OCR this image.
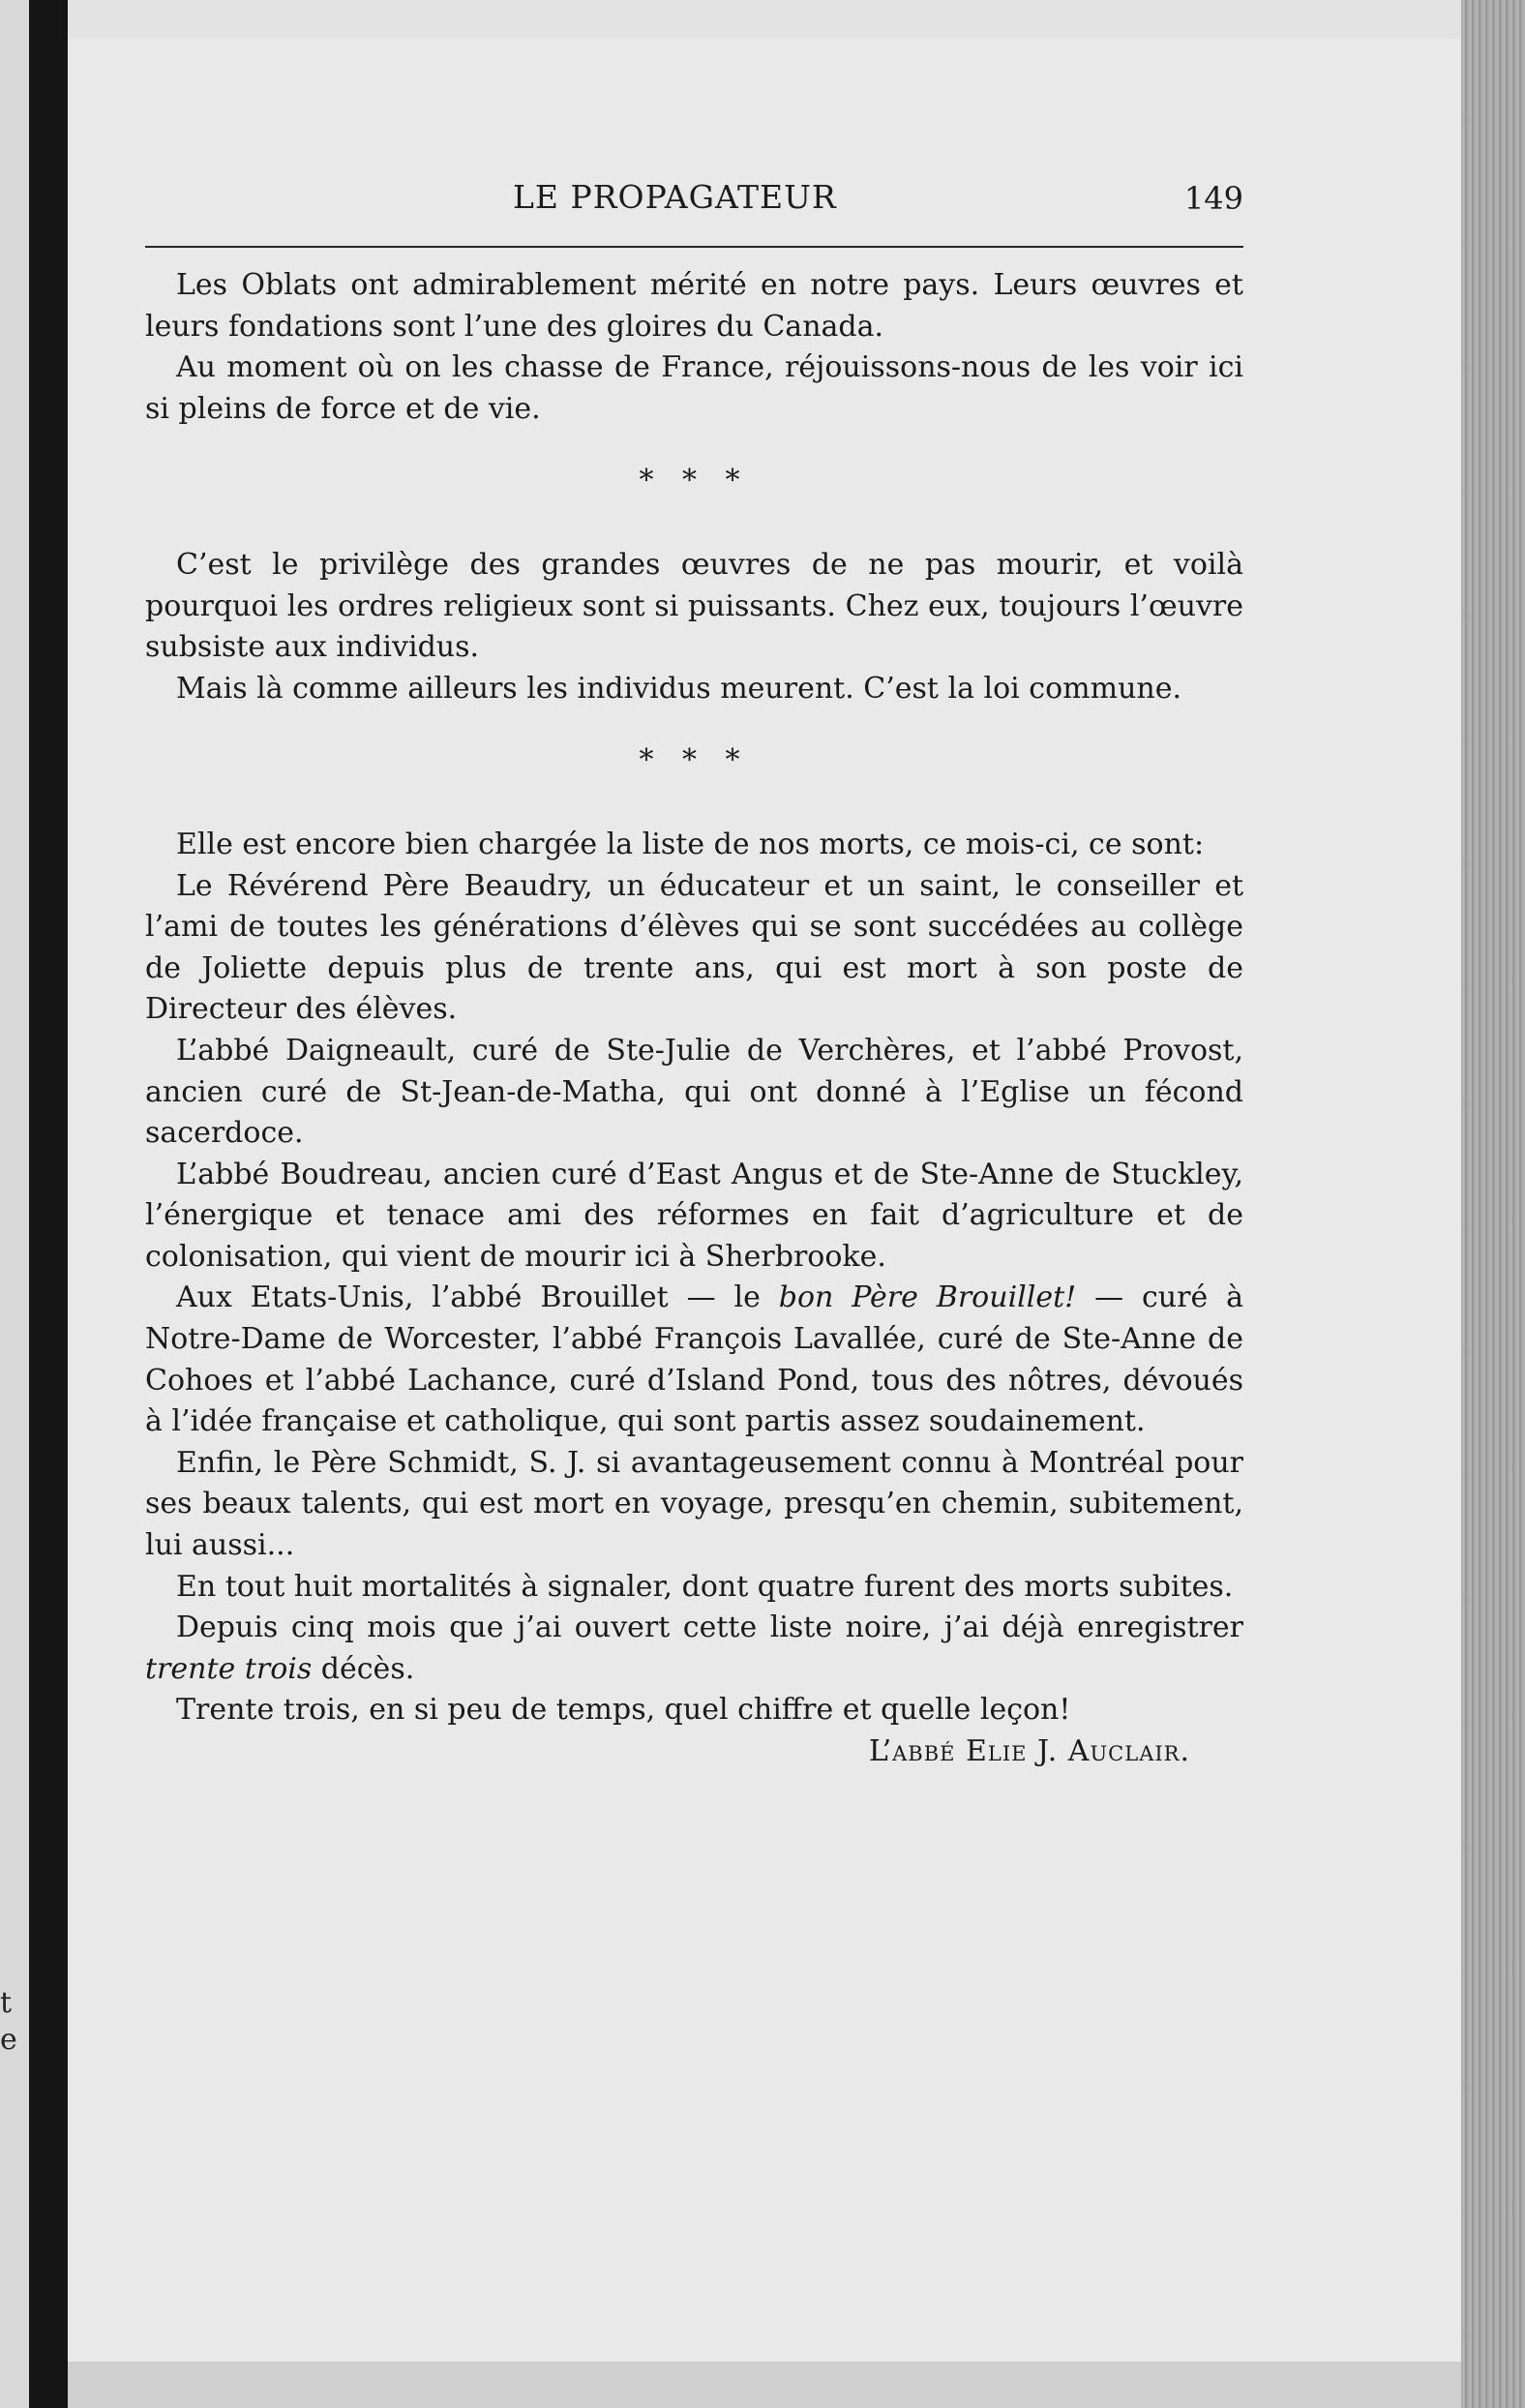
t
e
LE PROPAGATEUR	149

Les Oblats ont admirablement mérité en notre pays. Leurs œuvres et leurs fondations sont l’une des gloires du Canada.

Au moment où on les chasse de France, réjouissons-nous de les voir ici si pleins de force et de vie.

* * *

C’est le privilège des grandes œuvres de ne pas mourir, et voilà pourquoi les ordres religieux sont si puissants. Chez eux, toujours l’œuvre subsiste aux individus.

Mais là comme ailleurs les individus meurent. C’est la loi commune.

* * *

Elle est encore bien chargée la liste de nos morts, ce mois-ci, ce sont:

Le Révérend Père Beaudry, un éducateur et un saint, le conseiller et l’ami de toutes les générations d’élèves qui se sont succédées au collège de Joliette depuis plus de trente ans, qui est mort à son poste de Directeur des élèves.

L’abbé Daigneault, curé de Ste-Julie de Verchères, et l’abbé Provost, ancien curé de St-Jean-de-Matha, qui ont donné à l’Eglise un fécond sacerdoce.

L’abbé Boudreau, ancien curé d’East Angus et de Ste-Anne de Stuckley, l’énergique et tenace ami des réformes en fait d’agriculture et de colonisation, qui vient de mourir ici à Sherbrooke.

Aux Etats-Unis, l’abbé Brouillet — le bon Père Brouillet! — curé à Notre-Dame de Worcester, l’abbé François Lavallée, curé de Ste-Anne de Cohoes et l’abbé Lachance, curé d’Island Pond, tous des nôtres, dévoués à l’idée française et catholique, qui sont partis assez soudainement.

Enfin, le Père Schmidt, S. J. si avantageusement connu à Montréal pour ses beaux talents, qui est mort en voyage, presqu’en chemin, subitement, lui aussi...

En tout huit mortalités à signaler, dont quatre furent des morts subites.

Depuis cinq mois que j’ai ouvert cette liste noire, j’ai déjà enregistrer trente trois décès.

Trente trois, en si peu de temps, quel chiffre et quelle leçon!

L’abbé Elie J. Auclair.
